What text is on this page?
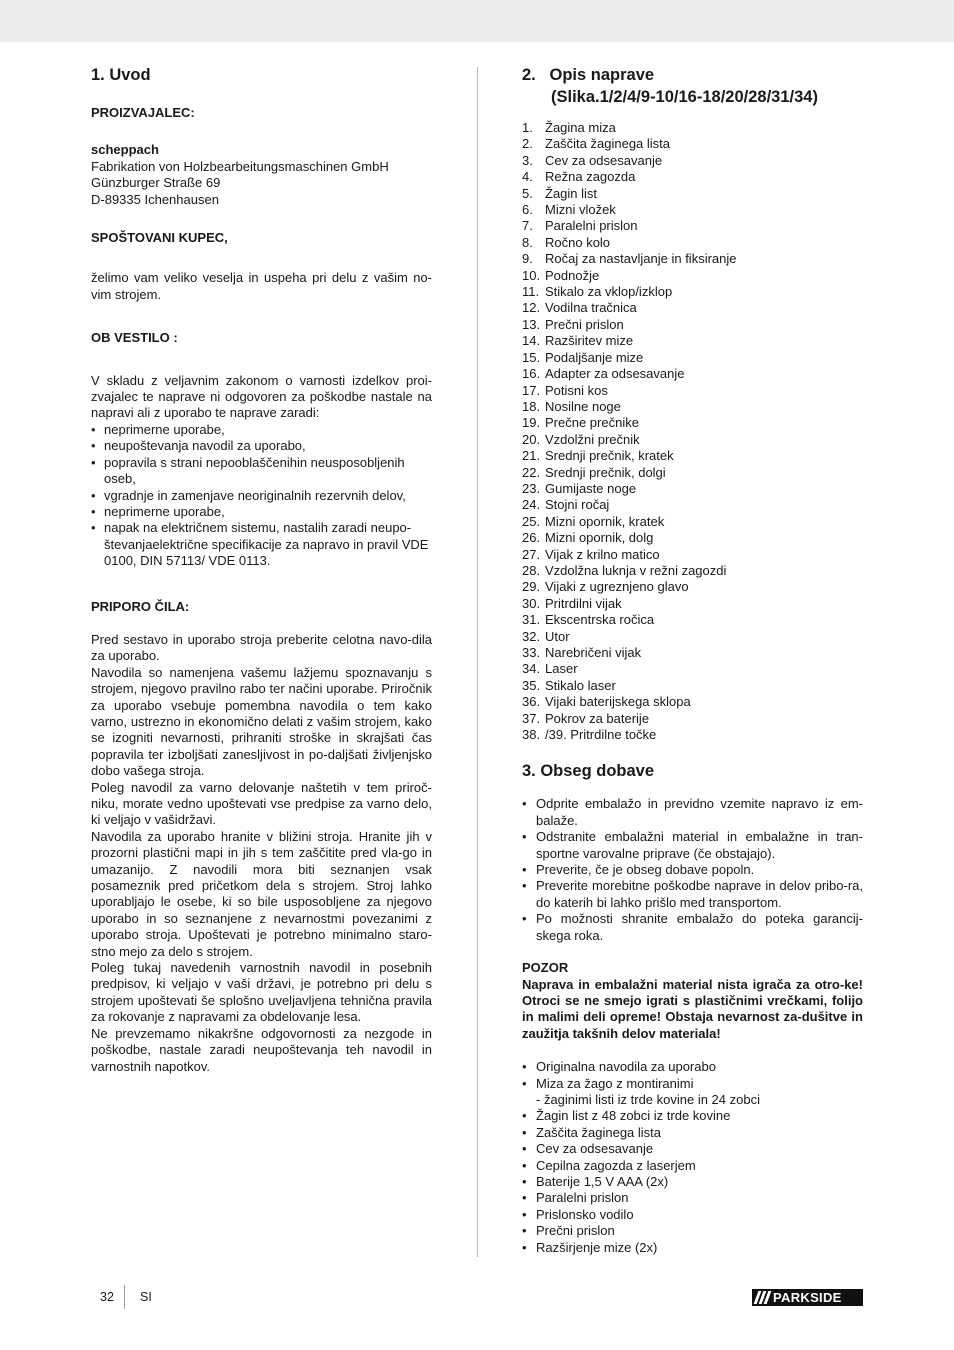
1. Uvod

PROIZVAJALEC:

scheppach

Fabrikation von Holzbearbeitungsmaschinen GmbH

Günzburger Straße 69

D-89335 Ichenhausen

SPOŠTOVANI KUPEC,

želimo vam veliko veselja in uspeha pri delu z vašim no-vim strojem.

OB VESTILO :

V skladu z veljavnim zakonom o varnosti izdelkov proi-zvajalec te naprave ni odgovoren za poškodbe nastale na napravi ali z uporabo te naprave zaradi:

• neprimerne uporabe,
• neupoštevanja navodil za uporabo,
• popravila s strani nepooblaščenihin neusposobljenih oseb,
• vgradnje in zamenjave neoriginalnih rezervnih delov,
• neprimerne uporabe,
• napak na električnem sistemu, nastalih zaradi neupo-števanjaelektrične specifikacije za napravo in pravil VDE 0100, DIN 57113/ VDE 0113.

PRIPORO ČILA:

Pred sestavo in uporabo stroja preberite celotna navo-dila za uporabo.

Navodila so namenjena vašemu lažjemu spoznavanju s strojem, njegovo pravilno rabo ter načini uporabe. Priročnik za uporabo vsebuje pomembna navodila o tem kako varno, ustrezno in ekonomično delati z vašim strojem, kako se izogniti nevarnosti, prihraniti stroške in skrajšati čas popravila ter izboljšati zanesljivost in po-daljšati življenjsko dobo vašega stroja.

Poleg navodil za varno delovanje naštetih v tem priroč-niku, morate vedno upoštevati vse predpise za varno delo, ki veljajo v vašidržavi.

Navodila za uporabo hranite v bližini stroja. Hranite jih v prozorni plastični mapi in jih s tem zaščitite pred vla-go in umazanijo. Z navodili mora biti seznanjen vsak posameznik pred pričetkom dela s strojem. Stroj lahko uporabljajo le osebe, ki so bile usposobljene za njegovo uporabo in so seznanjene z nevarnostmi povezanimi z uporabo stroja. Upoštevati je potrebno minimalno staro-stno mejo za delo s strojem.

Poleg tukaj navedenih varnostnih navodil in posebnih predpisov, ki veljajo v vaši državi, je potrebno pri delu s strojem upoštevati še splošno uveljavljena tehnična pravila za rokovanje z napravami za obdelovanje lesa.

Ne prevzemamo nikakršne odgovornosti za nezgode in poškodbe, nastale zaradi neupoštevanja teh navodil in varnostnih napotkov.

2.   Opis naprave
(Slika.1/2/4/9-10/16-18/20/28/31/34)
1. Žagina miza
2. Zaščita žaginega lista
3. Cev za odsesavanje
4. Režna zagozda
5. Žagin list
6. Mizni vložek
7. Paralelni prislon
8. Ročno kolo
9. Ročaj za nastavljanje in fiksiranje
10. Podnožje
11. Stikalo za vklop/izklop
12. Vodilna tračnica
13. Prečni prislon
14. Razširitev mize
15. Podaljšanje mize
16. Adapter za odsesavanje
17. Potisni kos
18. Nosilne noge
19. Prečne prečnike
20. Vzdolžni prečnik
21. Srednji prečnik, kratek
22. Srednji prečnik, dolgi
23. Gumijaste noge
24. Stojni ročaj
25. Mizni opornik, kratek
26. Mizni opornik, dolg
27. Vijak z krilno matico
28. Vzdolžna luknja v režni zagozdi
29. Vijaki z ugreznjeno glavo
30. Pritrdilni vijak
31. Ekscentrska ročica
32. Utor
33. Narebričeni vijak
34. Laser
35. Stikalo laser
36. Vijaki baterijskega sklopa
37. Pokrov za baterije
38. /39. Pritrdilne točke
3. Obseg dobave
• Odprite embalažo in previdno vzemite napravo iz em-balaže.
• Odstranite embalažni material in embalažne in tran-sportne varovalne priprave (če obstajajo).
• Preverite, če je obseg dobave popoln.
• Preverite morebitne poškodbe naprave in delov pribo-ra, do katerih bi lahko prišlo med transportom.
• Po možnosti shranite embalažo do poteka garancij-skega roka.

POZOR

Naprava in embalažni material nista igrača za otro-ke! Otroci se ne smejo igrati s plastičnimi vrečkami, folijo in malimi deli opreme! Obstaja nevarnost za-dušitve in zaužitja takšnih delov materiala!

• Originalna navodila za uporabo
• Miza za žago z montiranimi
- žaginimi listi iz trde kovine in 24 zobci
• Žagin list z 48 zobci iz trde kovine
• Zaščita žaginega lista
• Cev za odsesavanje
• Cepilna zagozda z laserjem
• Baterije 1,5 V AAA (2x)
• Paralelni prislon
• Prislonsko vodilo
• Prečni prislon
• Razširjenje mize (2x)
32 SI	PARKSIDE
